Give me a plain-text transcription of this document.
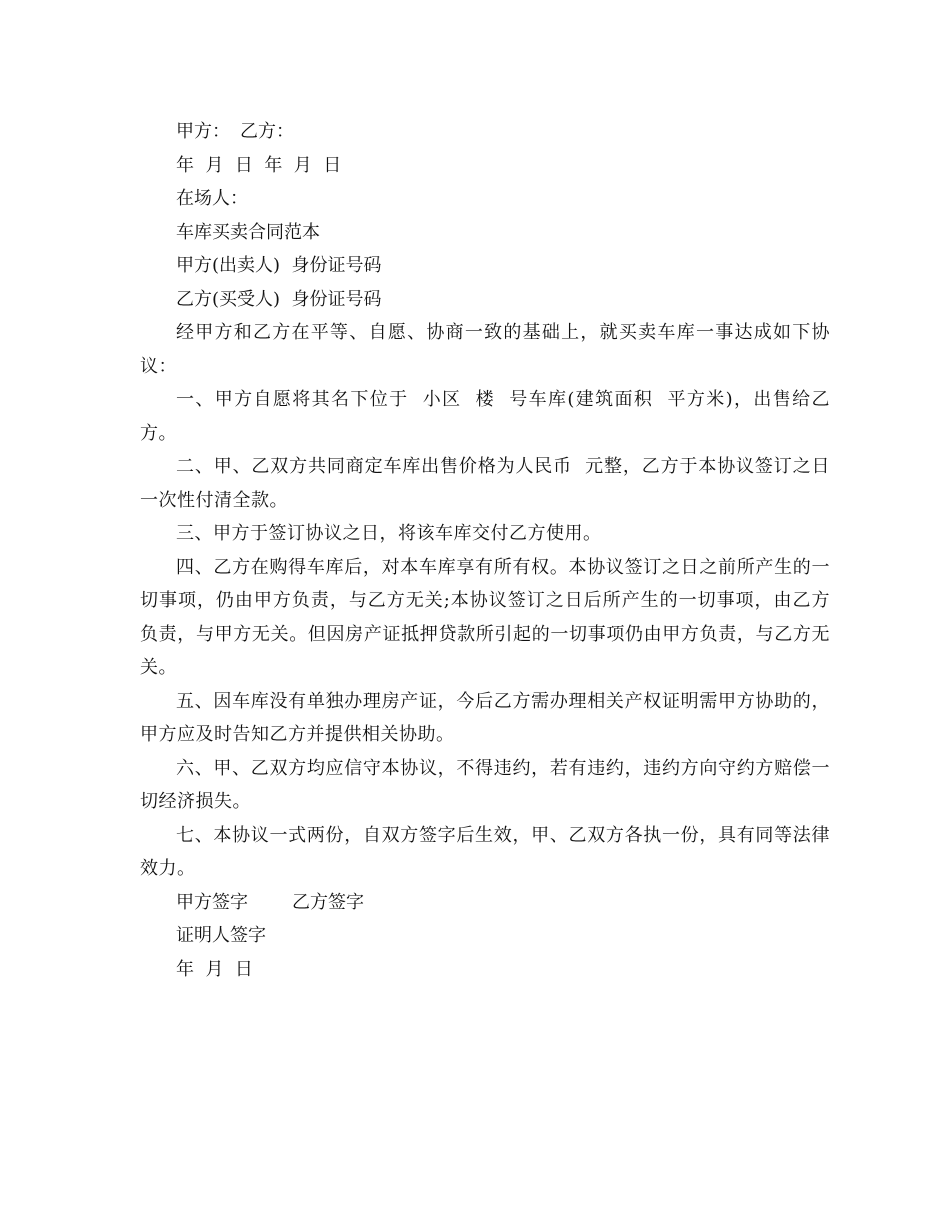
甲方： 乙方：
年  月  日  年  月  日
在场人：
车库买卖合同范本
甲方(出卖人)  身份证号码
乙方(买受人)  身份证号码
经甲方和乙方在平等、自愿、协商一致的基础上，就买卖车库一事达成如下协议：
一、甲方自愿将其名下位于  小区  楼  号车库(建筑面积  平方米)，出售给乙方。
二、甲、乙双方共同商定车库出售价格为人民币  元整，乙方于本协议签订之日一次性付清全款。
三、甲方于签订协议之日，将该车库交付乙方使用。
四、乙方在购得车库后，对本车库享有所有权。本协议签订之日之前所产生的一切事项，仍由甲方负责，与乙方无关;本协议签订之日后所产生的一切事项，由乙方负责，与甲方无关。但因房产证抵押贷款所引起的一切事项仍由甲方负责，与乙方无关。
五、因车库没有单独办理房产证，今后乙方需办理相关产权证明需甲方协助的，甲方应及时告知乙方并提供相关协助。
六、甲、乙双方均应信守本协议，不得违约，若有违约，违约方向守约方赔偿一切经济损失。
七、本协议一式两份，自双方签字后生效，甲、乙双方各执一份，具有同等法律效力。
甲方签字 乙方签字
证明人签字
年  月  日
